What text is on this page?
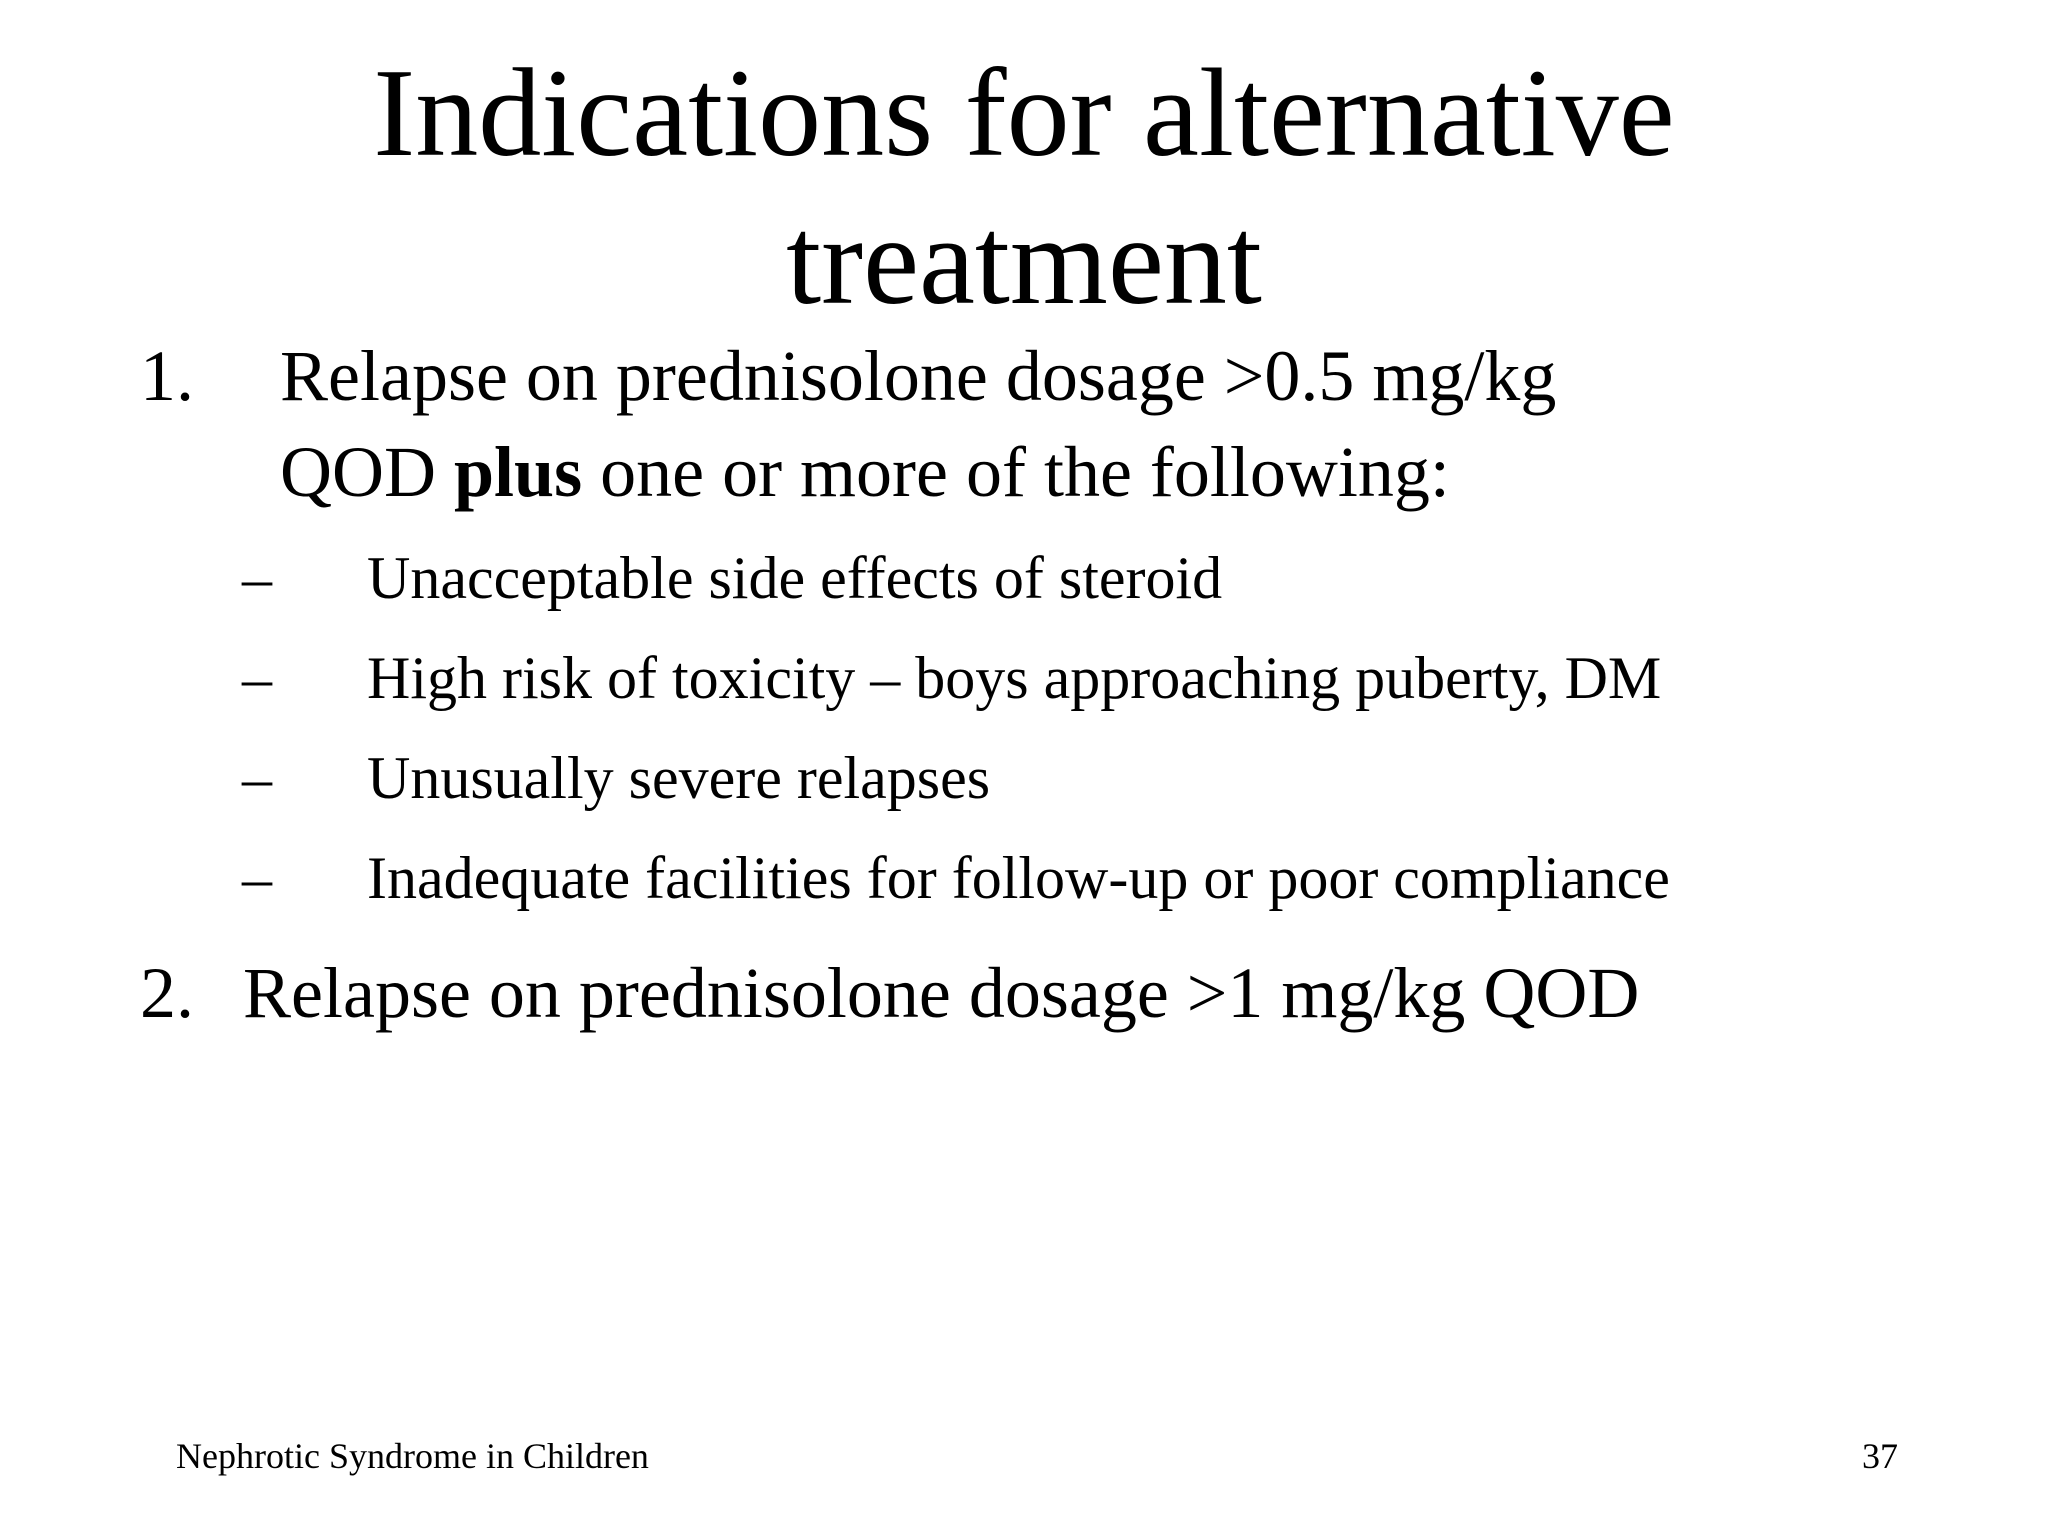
Indications for alternative
treatment
1. Relapse on prednisolone dosage >0.5 mg/kg
QOD plus one or more of the following:
– Unacceptable side effects of steroid
– High risk of toxicity – boys approaching puberty, DM
– Unusually severe relapses
– Inadequate facilities for follow-up or poor compliance
2. Relapse on prednisolone dosage >1 mg/kg QOD
Nephrotic Syndrome in Children	37
